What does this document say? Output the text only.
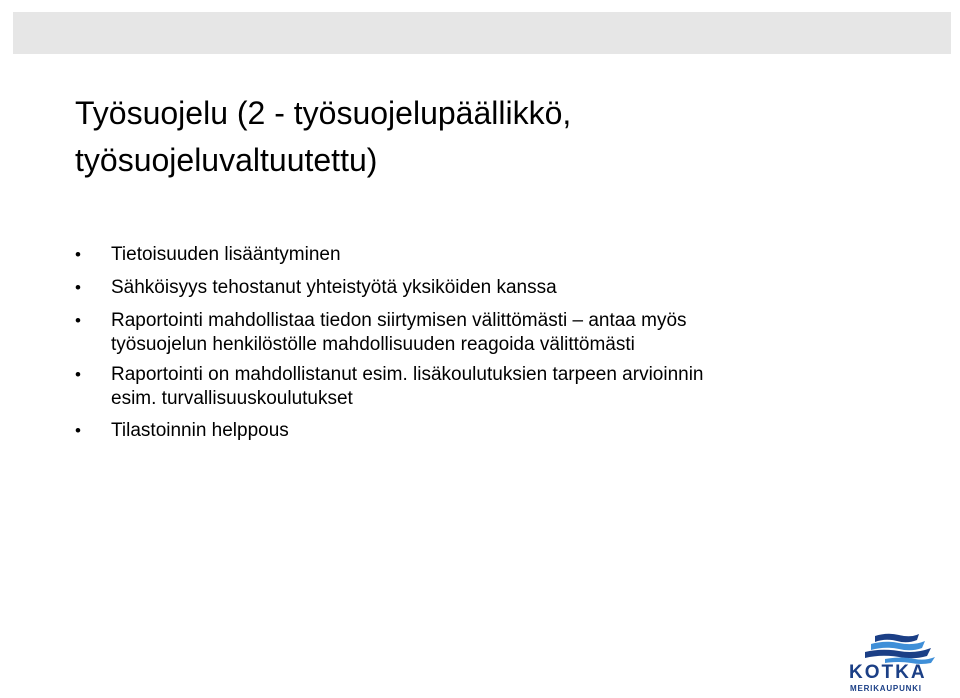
Työsuojelu (2 - työsuojelupäällikkö,
työsuojeluvaltuutettu)
• Tietoisuuden lisääntyminen
• Sähköisyys tehostanut yhteistyötä yksiköiden kanssa
• Raportointi mahdollistaa tiedon siirtymisen välittömästi – antaa myös
työsuojelun henkilöstölle mahdollisuuden reagoida välittömästi
• Raportointi on mahdollistanut esim. lisäkoulutuksien tarpeen arvioinnin
esim. turvallisuuskoulutukset
• Tilastoinnin helppous
KOTKA
MERIKAUPUNKI
